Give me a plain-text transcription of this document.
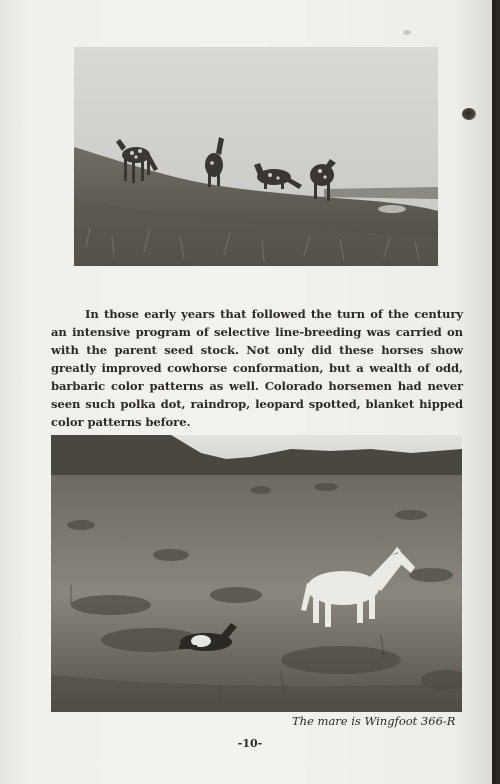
In those early years that followed the turn of the century an intensive program of selective line-breeding was carried on with the parent seed stock. Not only did these horses show greatly improved cowhorse conformation, but a wealth of odd, barbaric color patterns as well. Colorado horsemen had never seen such polka dot, raindrop, leopard spotted, blanket hipped color patterns before.

The mare is Wingfoot 366-R
-10-
